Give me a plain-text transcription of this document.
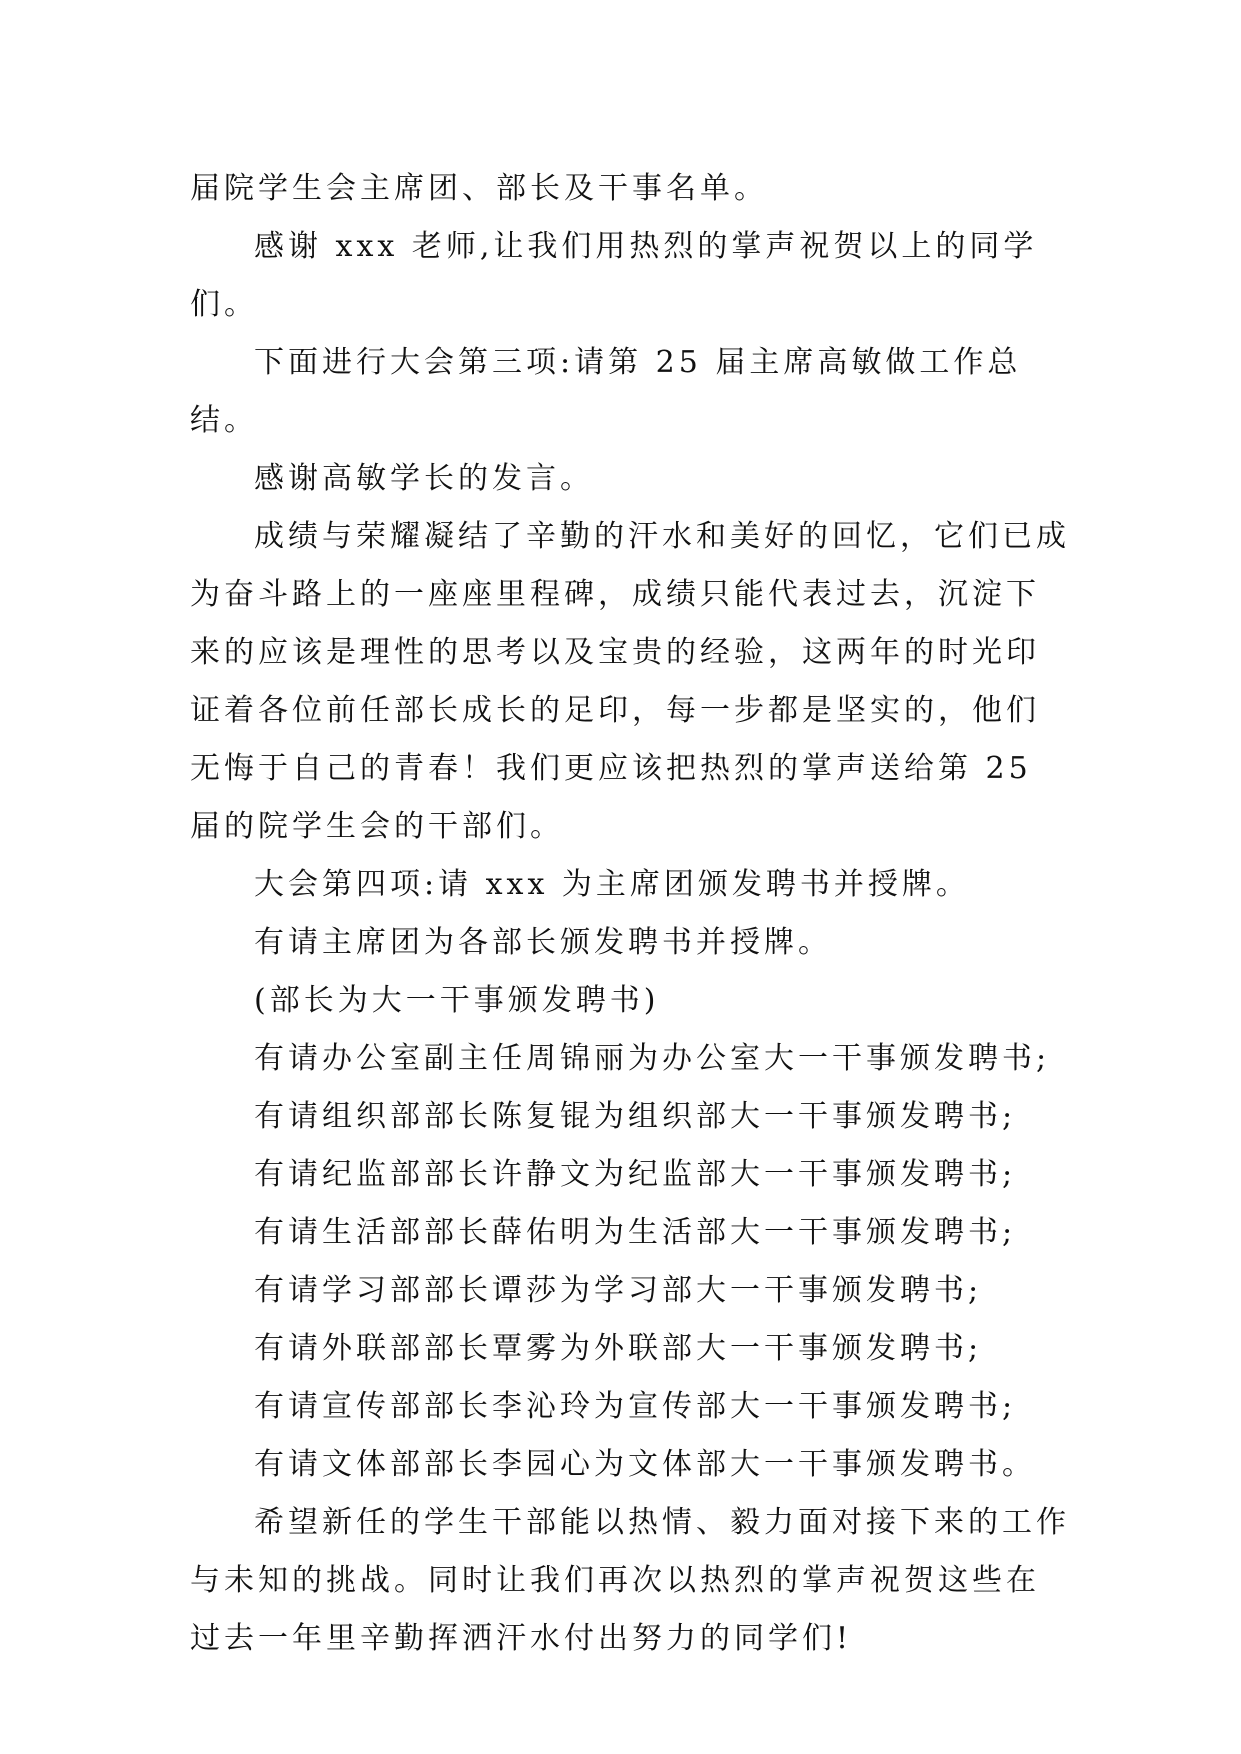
届院学生会主席团、部长及干事名单。

感谢 xxx 老师,让我们用热烈的掌声祝贺以上的同学们。

下面进行大会第三项:请第 25 届主席高敏做工作总结。

感谢高敏学长的发言。

成绩与荣耀凝结了辛勤的汗水和美好的回忆，它们已成为奋斗路上的一座座里程碑，成绩只能代表过去，沉淀下来的应该是理性的思考以及宝贵的经验，这两年的时光印证着各位前任部长成长的足印，每一步都是坚实的，他们无悔于自己的青春！我们更应该把热烈的掌声送给第 25 届的院学生会的干部们。

大会第四项:请 xxx 为主席团颁发聘书并授牌。

有请主席团为各部长颁发聘书并授牌。

(部长为大一干事颁发聘书)

有请办公室副主任周锦丽为办公室大一干事颁发聘书;

有请组织部部长陈复锟为组织部大一干事颁发聘书;

有请纪监部部长许静文为纪监部大一干事颁发聘书;

有请生活部部长薛佑明为生活部大一干事颁发聘书;

有请学习部部长谭莎为学习部大一干事颁发聘书;

有请外联部部长覃雾为外联部大一干事颁发聘书;

有请宣传部部长李沁玲为宣传部大一干事颁发聘书;

有请文体部部长李园心为文体部大一干事颁发聘书。

希望新任的学生干部能以热情、毅力面对接下来的工作与未知的挑战。同时让我们再次以热烈的掌声祝贺这些在过去一年里辛勤挥洒汗水付出努力的同学们!
